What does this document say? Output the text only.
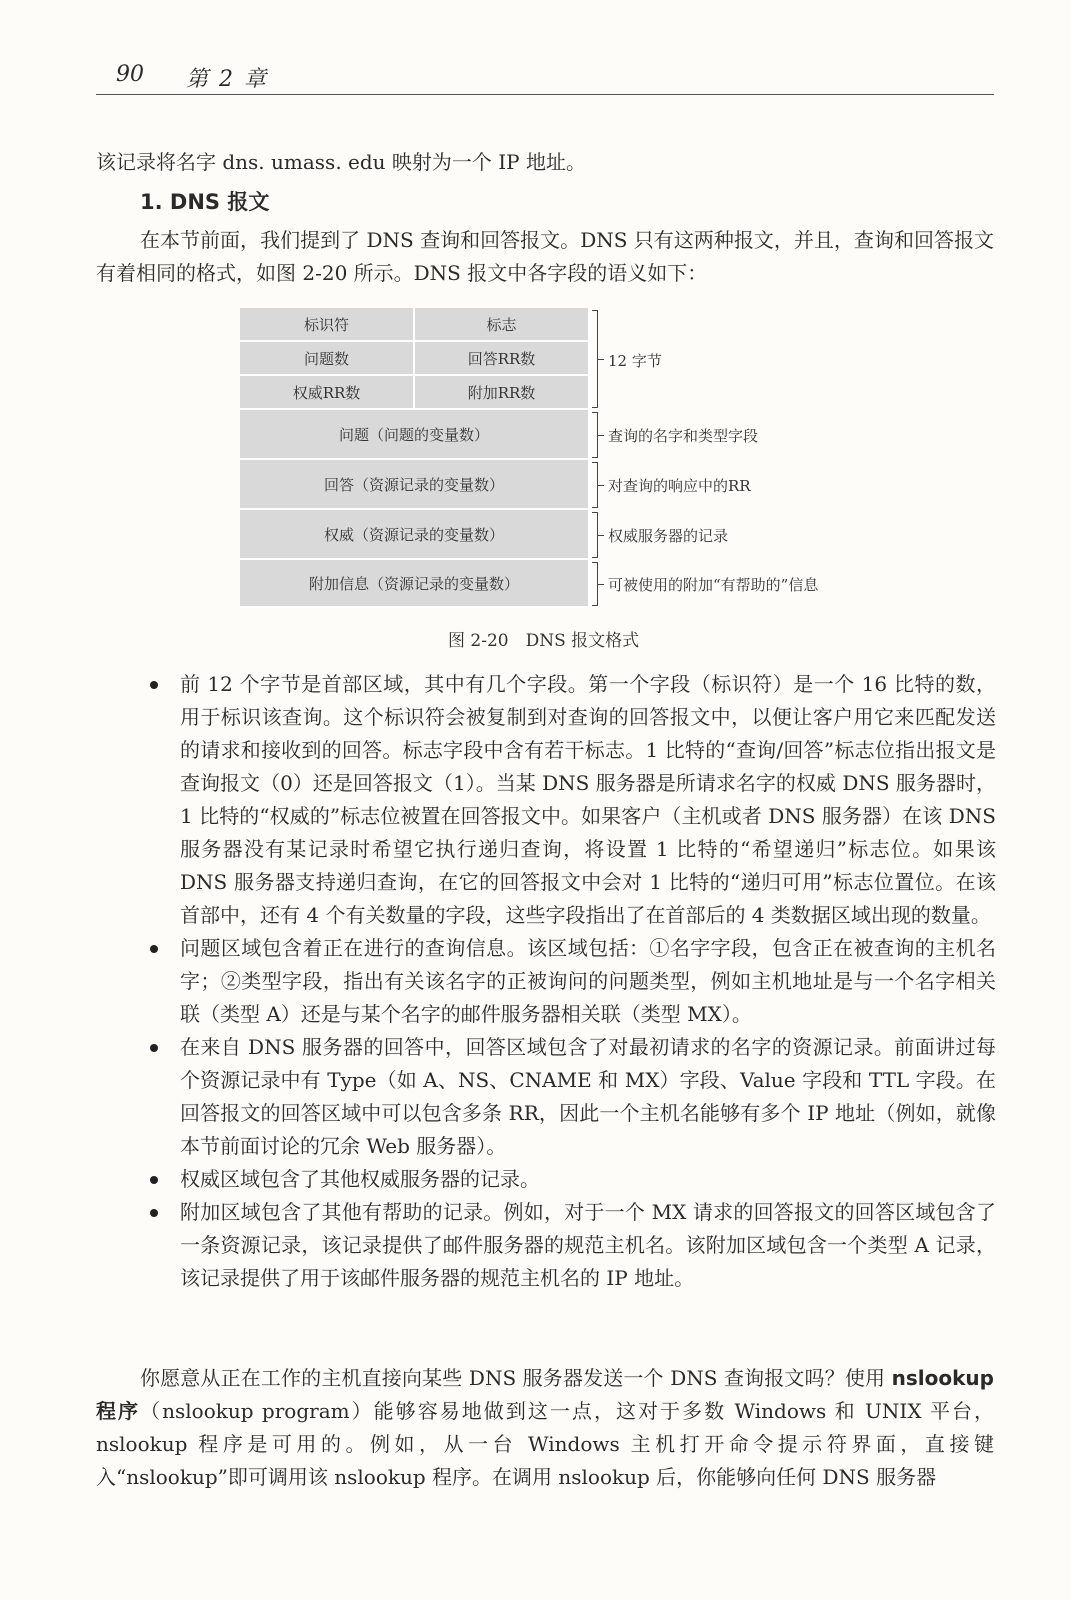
90 第 2 章

该记录将名字 dns. umass. edu 映射为一个 IP 地址。

1. DNS 报文

在本节前面，我们提到了 DNS 查询和回答报文。DNS 只有这两种报文，并且，查询和回答报文有着相同的格式，如图 2-20 所示。DNS 报文中各字段的语义如下：

标识符	标志
问题数	回答RR数
权威RR数	附加RR数
问题（问题的变量数）
回答（资源记录的变量数）
权威（资源记录的变量数）
附加信息（资源记录的变量数）
12 字节
查询的名字和类型字段
对查询的响应中的RR
权威服务器的记录
可被使用的附加“有帮助的”信息
图 2-20　DNS 报文格式
前 12 个字节是首部区域，其中有几个字段。第一个字段（标识符）是一个 16 比特的数，用于标识该查询。这个标识符会被复制到对查询的回答报文中，以便让客户用它来匹配发送的请求和接收到的回答。标志字段中含有若干标志。1 比特的“查询/回答”标志位指出报文是查询报文（0）还是回答报文（1）。当某 DNS 服务器是所请求名字的权威 DNS 服务器时，1 比特的“权威的”标志位被置在回答报文中。如果客户（主机或者 DNS 服务器）在该 DNS 服务器没有某记录时希望它执行递归查询，将设置 1 比特的“希望递归”标志位。如果该 DNS 服务器支持递归查询，在它的回答报文中会对 1 比特的“递归可用”标志位置位。在该首部中，还有 4 个有关数量的字段，这些字段指出了在首部后的 4 类数据区域出现的数量。
问题区域包含着正在进行的查询信息。该区域包括：①名字字段，包含正在被查询的主机名字；②类型字段，指出有关该名字的正被询问的问题类型，例如主机地址是与一个名字相关联（类型 A）还是与某个名字的邮件服务器相关联（类型 MX）。
在来自 DNS 服务器的回答中，回答区域包含了对最初请求的名字的资源记录。前面讲过每个资源记录中有 Type（如 A、NS、CNAME 和 MX）字段、Value 字段和 TTL 字段。在回答报文的回答区域中可以包含多条 RR，因此一个主机名能够有多个 IP 地址（例如，就像本节前面讨论的冗余 Web 服务器）。
权威区域包含了其他权威服务器的记录。
附加区域包含了其他有帮助的记录。例如，对于一个 MX 请求的回答报文的回答区域包含了一条资源记录，该记录提供了邮件服务器的规范主机名。该附加区域包含一个类型 A 记录，该记录提供了用于该邮件服务器的规范主机名的 IP 地址。

你愿意从正在工作的主机直接向某些 DNS 服务器发送一个 DNS 查询报文吗？使用 nslookup 程序（nslookup program）能够容易地做到这一点，这对于多数 Windows 和 UNIX 平台，nslookup 程序是可用的。例如，从一台 Windows 主机打开命令提示符界面，直接键入“nslookup”即可调用该 nslookup 程序。在调用 nslookup 后，你能够向任何 DNS 服务器
